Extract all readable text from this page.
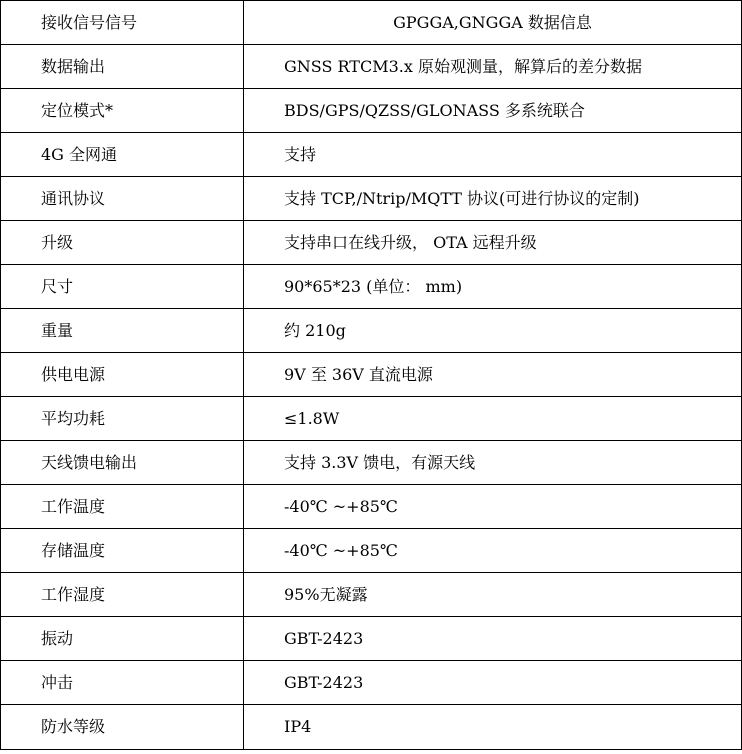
接收信号信号	GPGGA,GNGGA 数据信息
数据输出	GNSS RTCM3.x 原始观测量，解算后的差分数据
定位模式*	BDS/GPS/QZSS/GLONASS 多系统联合
4G 全网通	支持
通讯协议	支持 TCP,/Ntrip/MQTT 协议(可进行协议的定制)
升级	支持串口在线升级， OTA 远程升级
尺寸	90*65*23 (单位： mm)
重量	约 210g
供电电源	9V 至 36V 直流电源
平均功耗	≤1.8W
天线馈电输出	支持 3.3V 馈电，有源天线
工作温度	-40℃ ~+85℃
存储温度	-40℃ ~+85℃
工作湿度	95%无凝露
振动	GBT-2423
冲击	GBT-2423
防水等级	IP4
